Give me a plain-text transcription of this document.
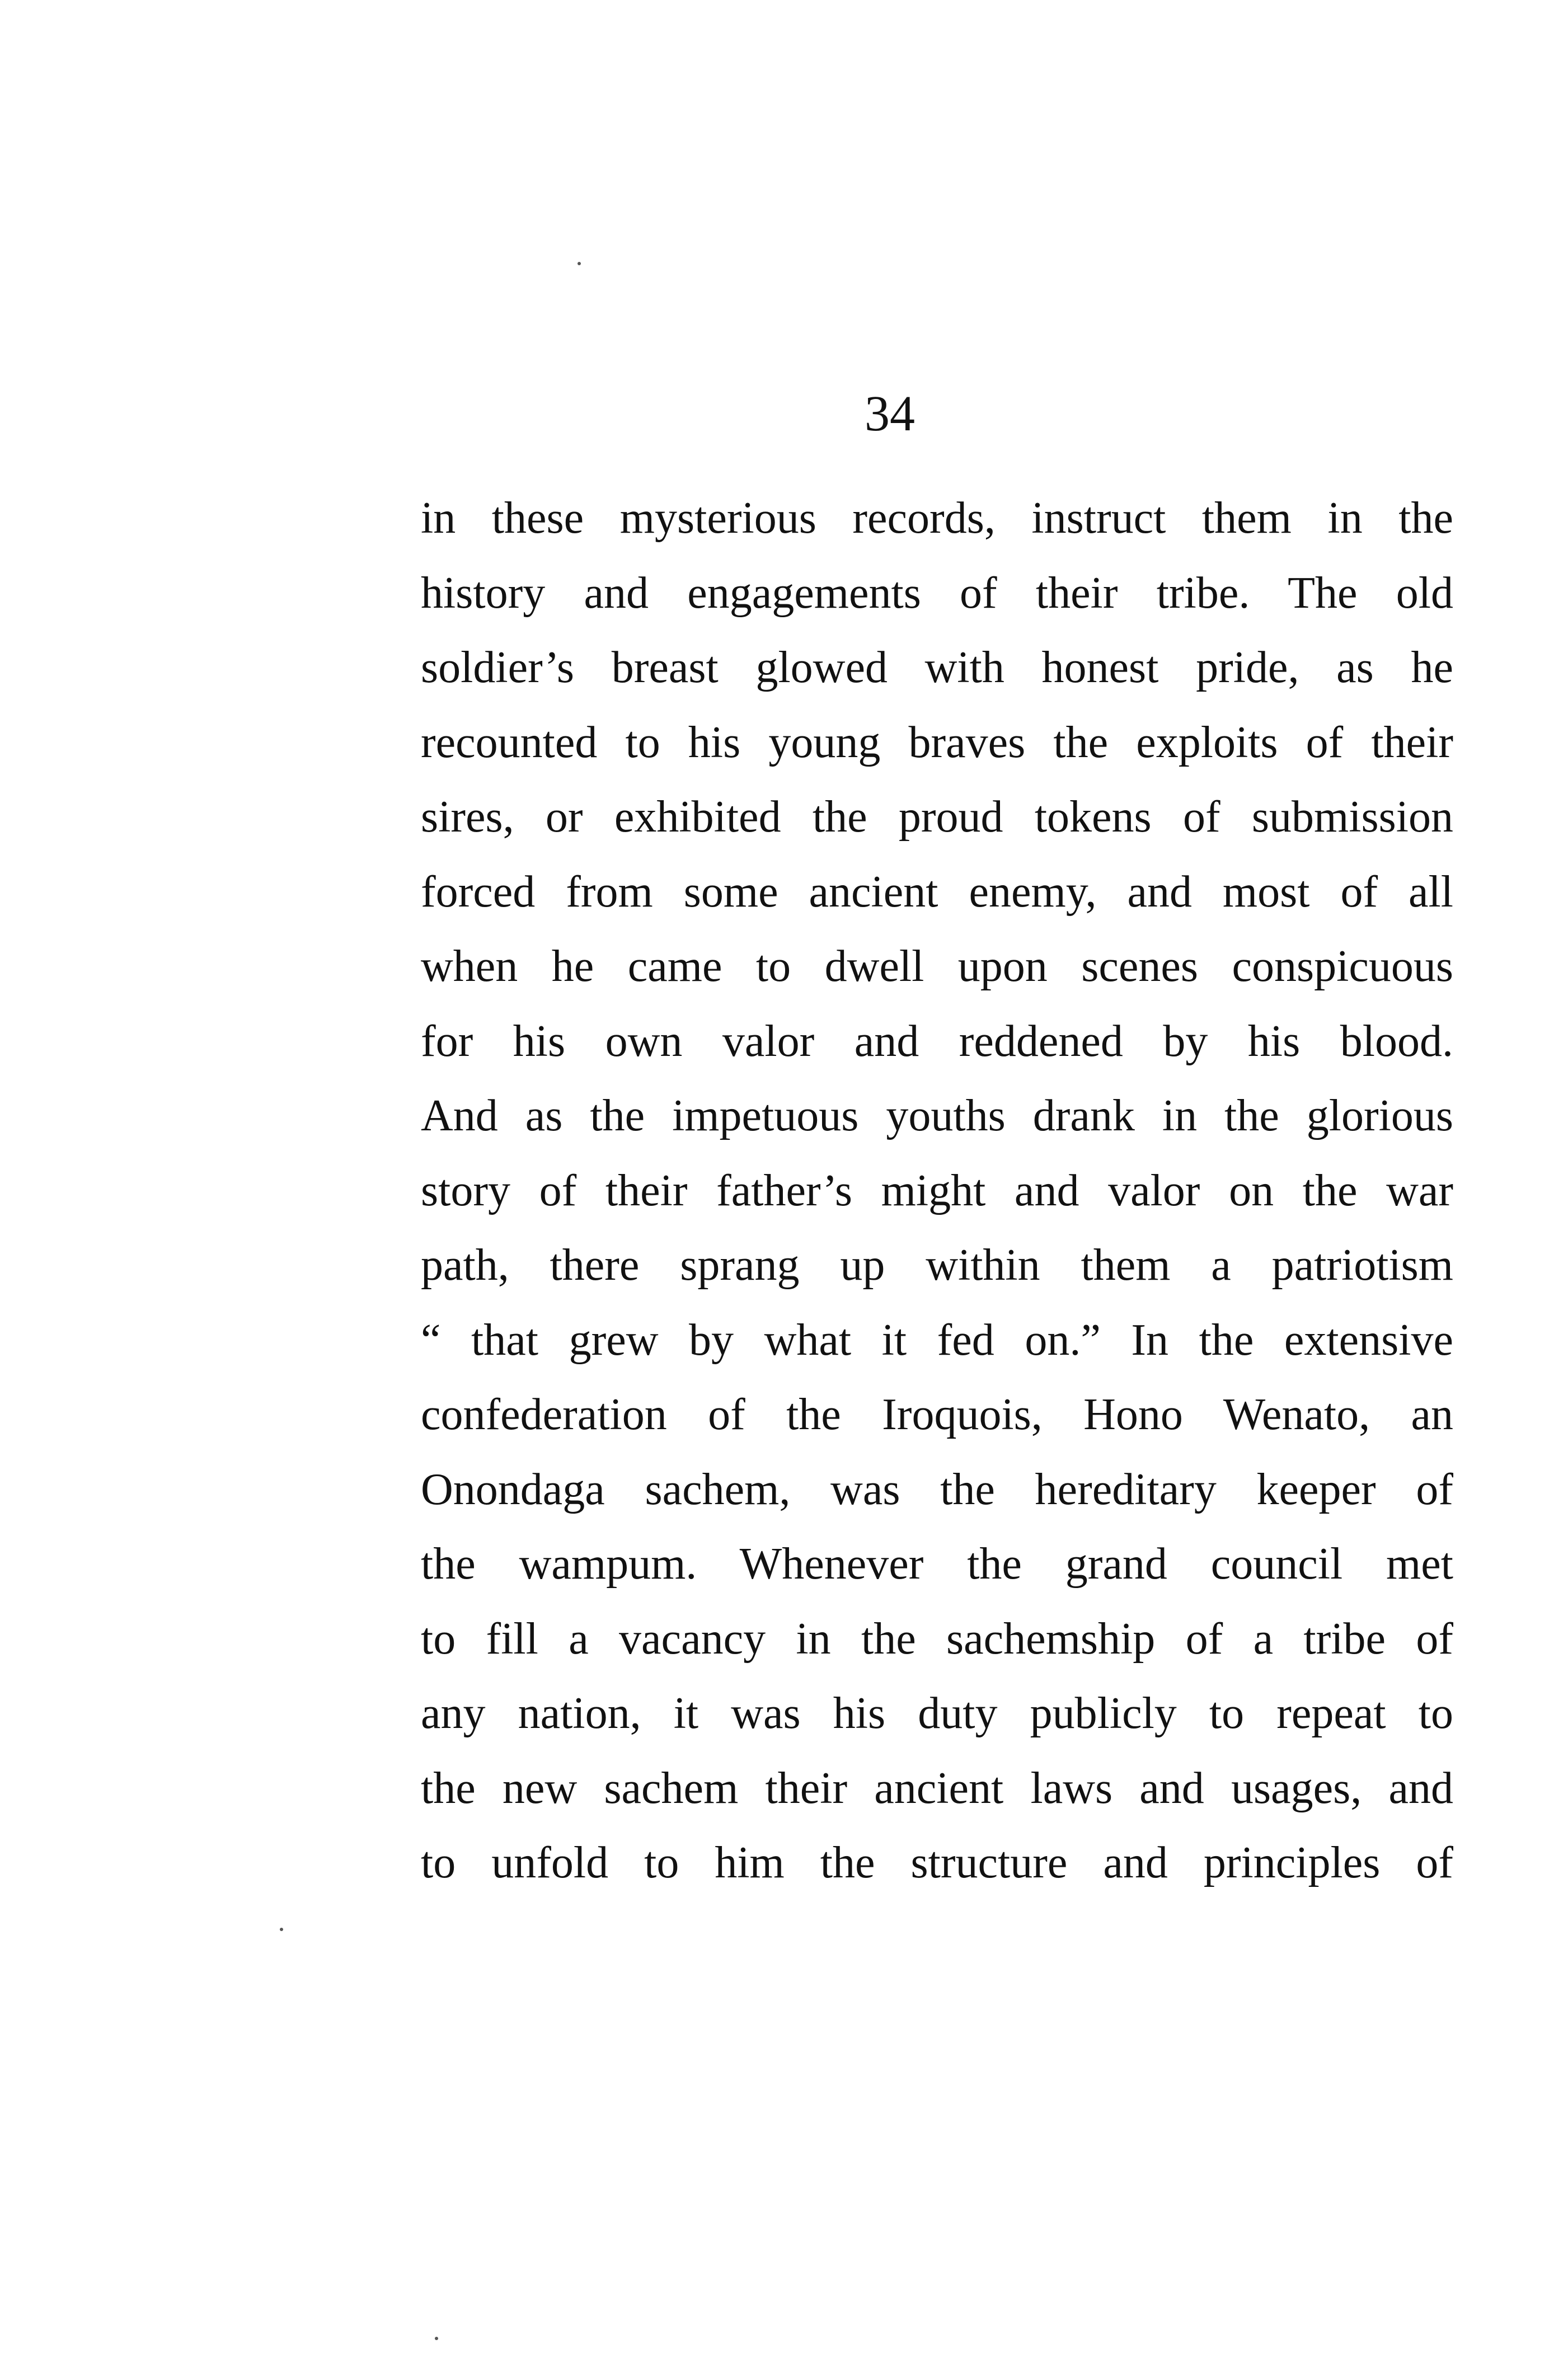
34
in these mysterious records, instruct them in the
history and engagements of their tribe. The old
soldier’s breast glowed with honest pride, as he
recounted to his young braves the exploits of their
sires, or exhibited the proud tokens of submission
forced from some ancient enemy, and most of all
when he came to dwell upon scenes conspicuous
for his own valor and reddened by his blood.
And as the impetuous youths drank in the glorious
story of their father’s might and valor on the war
path, there sprang up within them a patriotism
“ that grew by what it fed on.” In the extensive
confederation of the Iroquois, Hono Wenato, an
Onondaga sachem, was the hereditary keeper of
the wampum. Whenever the grand council met
to fill a vacancy in the sachemship of a tribe of
any nation, it was his duty publicly to repeat to
the new sachem their ancient laws and usages, and
to unfold to him the structure and principles of
